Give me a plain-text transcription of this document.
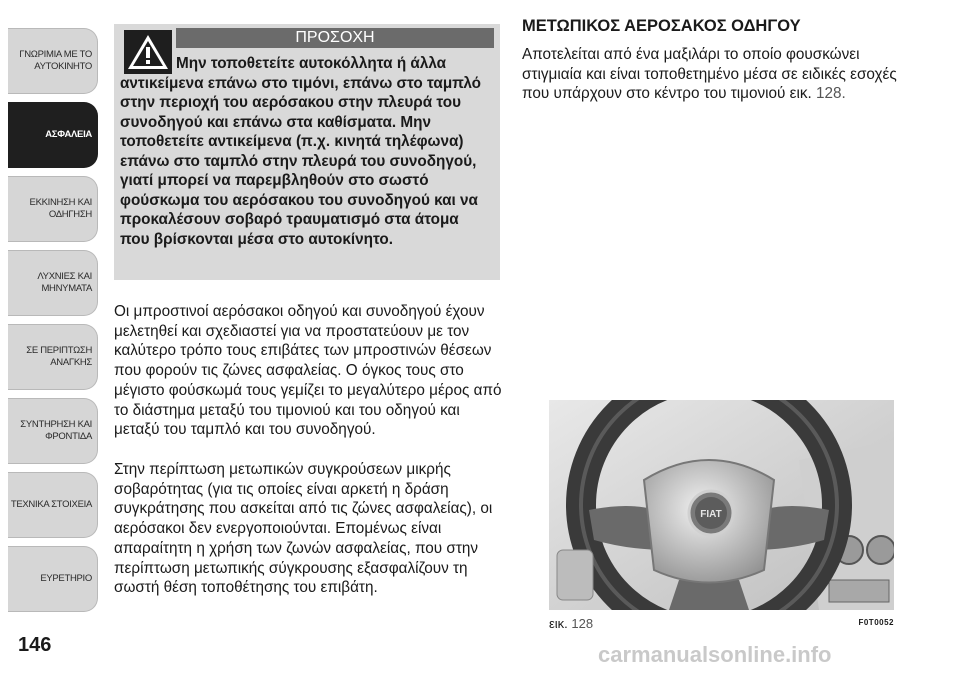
ΓΝΩΡΙΜΙΑ ΜΕ ΤΟ
ΑΥΤΟΚΙΝΗΤΟ
ΑΣΦΑΛΕΙΑ
ΕΚΚΙΝΗΣΗ ΚΑΙ
ΟΔΗΓΗΣΗ
ΛΥΧΝΙΕΣ ΚΑΙ
ΜΗΝΥΜΑΤΑ
ΣΕ ΠΕΡΙΠΤΩΣΗ
ΑΝΑΓΚΗΣ
ΣΥΝΤΗΡΗΣΗ ΚΑΙ
ΦΡΟΝΤΙΔΑ
ΤΕΧΝΙΚΑ ΣΤΟΙΧΕΙΑ
ΕΥΡΕΤΗΡΙΟ
146
ΠΡΟΣΟΧΗ
Μην τοποθετείτε αυτοκόλλητα ή άλλα αντικείμενα επάνω στο τιμόνι, επάνω στο ταμπλό στην περιοχή του αερόσακου στην πλευρά του συνοδηγού και επάνω στα καθίσματα. Μην τοποθετείτε αντικείμενα (π.χ. κινητά τηλέφωνα) επάνω στο ταμπλό στην πλευρά του συνοδηγού, γιατί μπορεί να παρεμβληθούν στο σωστό φούσκωμα του αερόσακου του συνοδηγού και να προκαλέσουν σοβαρό τραυματισμό στα άτομα που βρίσκονται μέσα στο αυτοκίνητο.
Οι μπροστινοί αερόσακοι οδηγού και συνοδηγού έχουν μελετηθεί και σχεδιαστεί για να προστατεύουν με τον καλύτερο τρόπο τους επιβάτες των μπροστινών θέσεων που φορούν τις ζώνες ασφαλείας. Ο όγκος τους στο μέγιστο φούσκωμά τους γεμίζει το μεγαλύτερο μέρος από το διάστημα μεταξύ του τιμονιού και του οδηγού και μεταξύ του ταμπλό και του συνοδηγού.
Στην περίπτωση μετωπικών συγκρούσεων μικρής σοβαρότητας (για τις οποίες είναι αρκετή η δράση συγκράτησης που ασκείται από τις ζώνες ασφαλείας), οι αερόσακοι δεν ενεργοποιούνται. Επομένως είναι απαραίτητη η χρήση των ζωνών ασφαλείας, που στην περίπτωση μετωπικής σύγκρουσης εξασφαλίζουν τη σωστή θέση τοποθέτησης του επιβάτη.
ΜΕΤΩΠΙΚΟΣ ΑΕΡΟΣΑΚΟΣ ΟΔΗΓΟΥ
Αποτελείται από ένα μαξιλάρι το οποίο φουσκώνει στιγμιαία και είναι τοποθετημένο μέσα σε ειδικές εσοχές που υπάρχουν στο κέντρο του τιμονιού εικ. 128.
FIAT
εικ. 128	F0T0052
carmanualsonline.info
